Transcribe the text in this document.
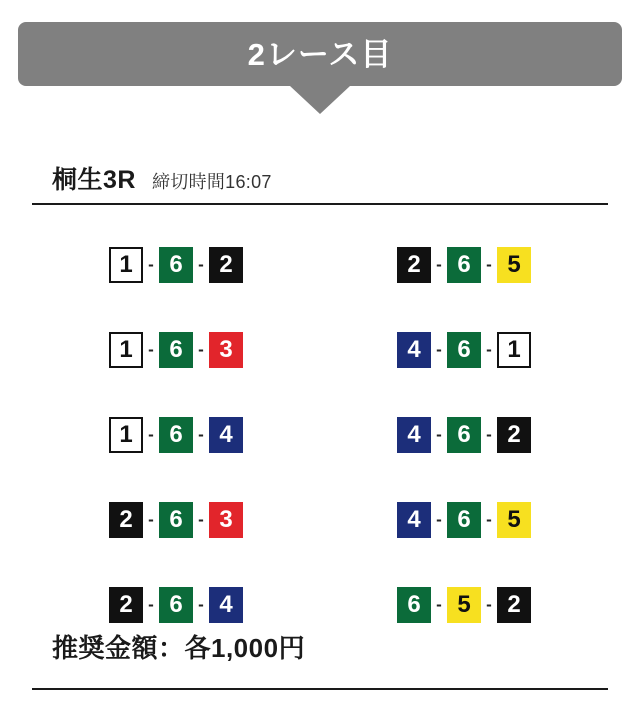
2レース目
桐生3R 締切時間16:07
1 - 6 - 2	2 - 6 - 5
1 - 6 - 3	4 - 6 - 1
1 - 6 - 4	4 - 6 - 2
2 - 6 - 3	4 - 6 - 5
2 - 6 - 4	6 - 5 - 2
推奨金額：各1,000円
